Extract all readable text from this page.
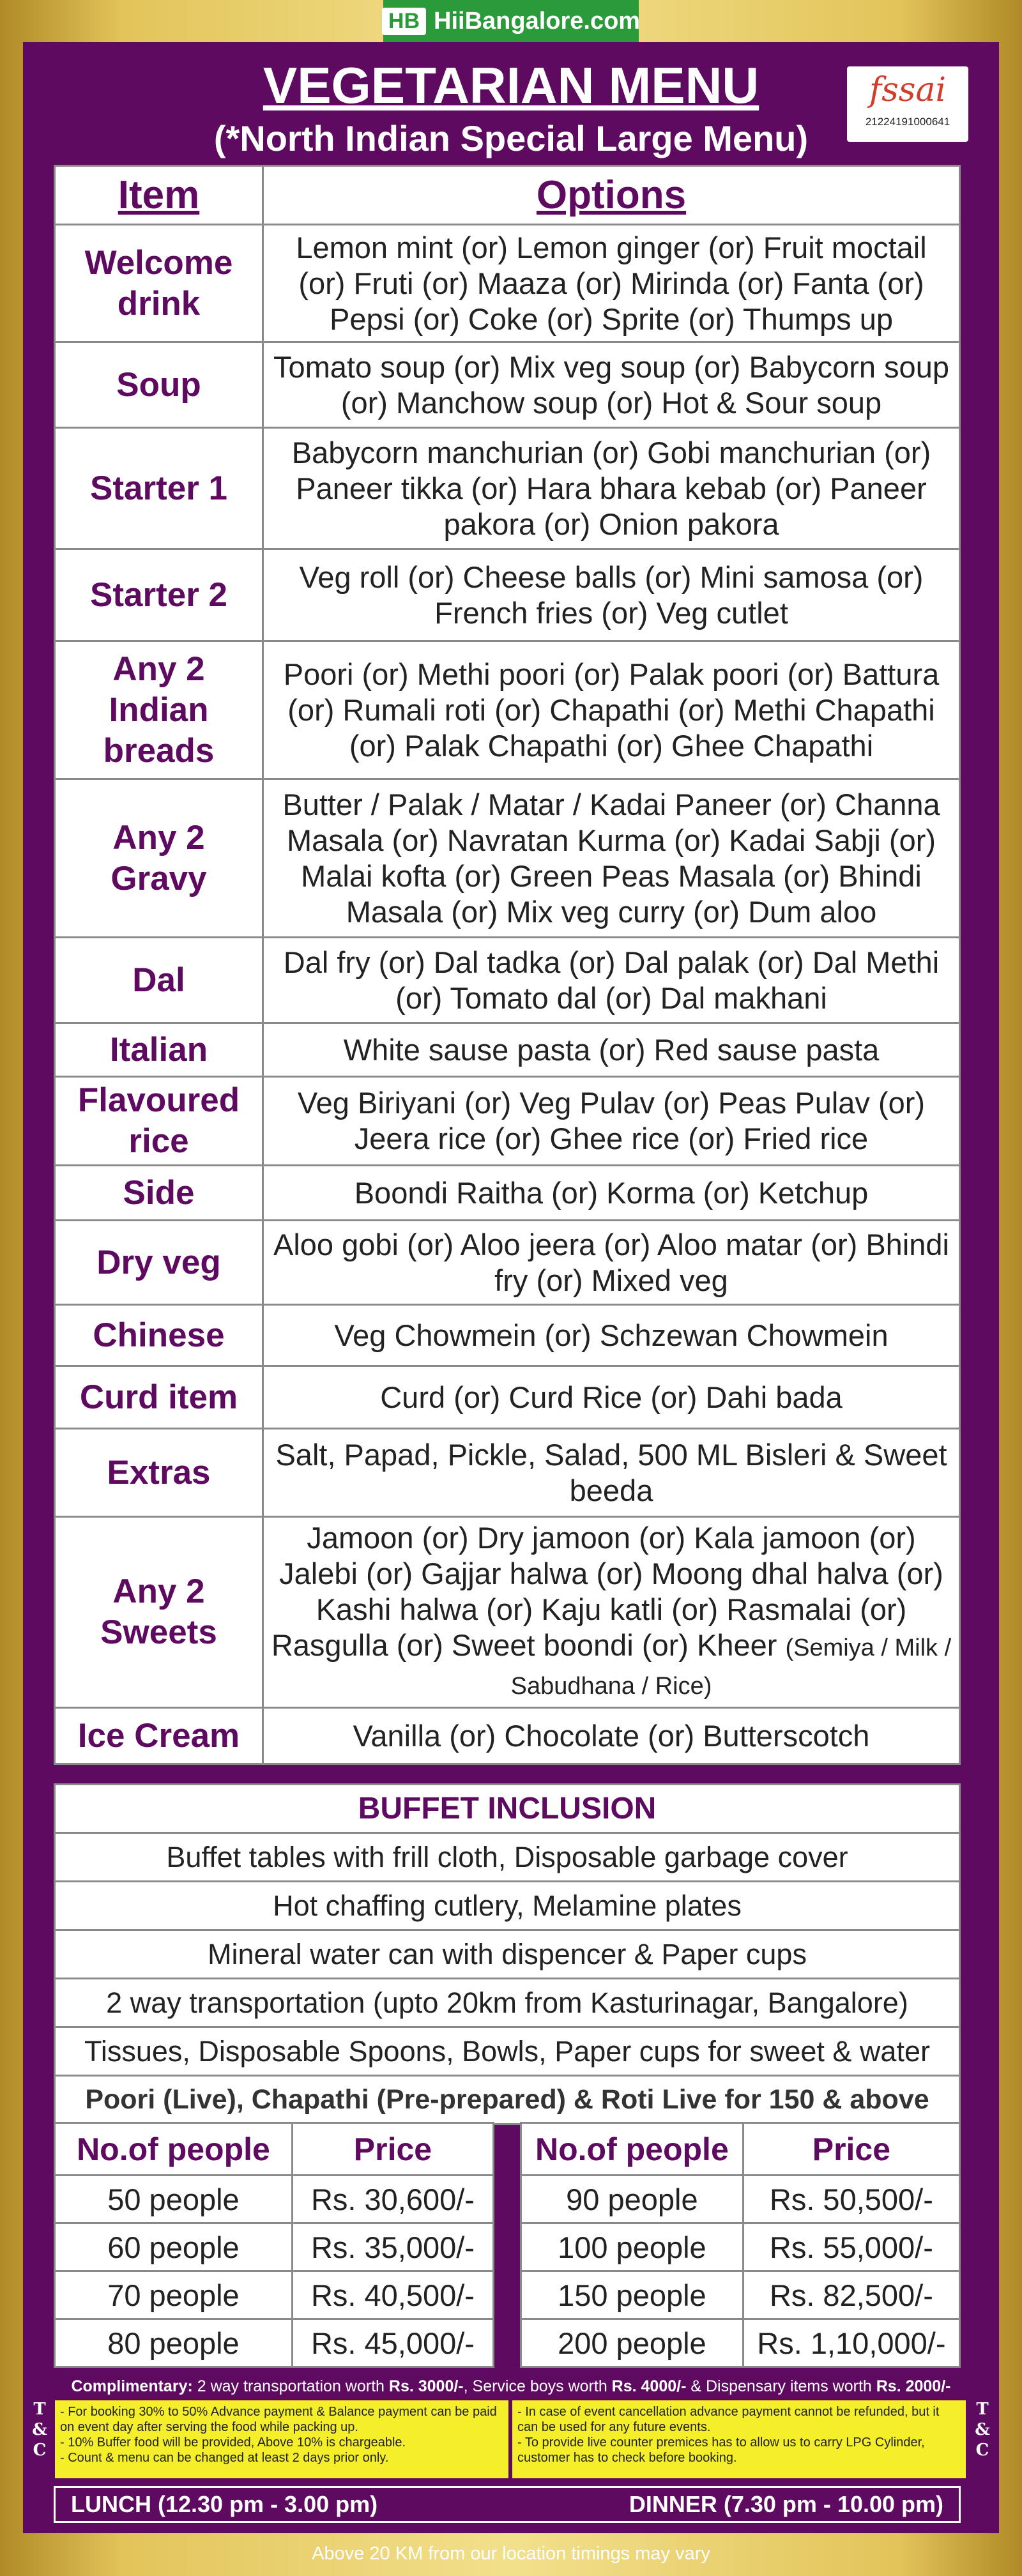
HB HiiBangalore.com
VEGETARIAN MENU
(*North Indian Special Large Menu)
fssai
21224191000641
Item	Options
Welcome drink	Lemon mint (or) Lemon ginger (or) Fruit moctail (or) Fruti (or) Maaza (or) Mirinda (or) Fanta (or) Pepsi (or) Coke (or) Sprite (or) Thumps up
Soup	Tomato soup (or) Mix veg soup (or) Babycorn soup (or) Manchow soup (or) Hot & Sour soup
Starter 1	Babycorn manchurian (or) Gobi manchurian (or) Paneer tikka (or) Hara bhara kebab (or) Paneer pakora (or) Onion pakora
Starter 2	Veg roll (or) Cheese balls (or) Mini samosa (or) French fries (or) Veg cutlet
Any 2 Indian breads	Poori (or) Methi poori (or) Palak poori (or) Battura (or) Rumali roti (or) Chapathi (or) Methi Chapathi (or) Palak Chapathi (or) Ghee Chapathi
Any 2 Gravy	Butter / Palak / Matar / Kadai Paneer (or) Channa Masala (or) Navratan Kurma (or) Kadai Sabji (or) Malai kofta (or) Green Peas Masala (or) Bhindi Masala (or) Mix veg curry (or) Dum aloo
Dal	Dal fry (or) Dal tadka (or) Dal palak (or) Dal Methi (or) Tomato dal (or) Dal makhani
Italian	White sause pasta (or) Red sause pasta
Flavoured rice	Veg Biriyani (or) Veg Pulav (or) Peas Pulav (or) Jeera rice (or) Ghee rice (or) Fried rice
Side	Boondi Raitha (or) Korma (or) Ketchup
Dry veg	Aloo gobi (or) Aloo jeera (or) Aloo matar (or) Bhindi fry (or) Mixed veg
Chinese	Veg Chowmein (or) Schzewan Chowmein
Curd item	Curd (or) Curd Rice (or) Dahi bada
Extras	Salt, Papad, Pickle, Salad, 500 ML Bisleri & Sweet beeda
Any 2 Sweets	Jamoon (or) Dry jamoon (or) Kala jamoon (or) Jalebi (or) Gajjar halwa (or) Moong dhal halva (or) Kashi halwa (or) Kaju katli (or) Rasmalai (or) Rasgulla (or) Sweet boondi (or) Kheer (Semiya / Milk / Sabudhana / Rice)
Ice Cream	Vanilla (or) Chocolate (or) Butterscotch
BUFFET INCLUSION
Buffet tables with frill cloth, Disposable garbage cover
Hot chaffing cutlery, Melamine plates
Mineral water can with dispencer & Paper cups
2 way transportation (upto 20km from Kasturinagar, Bangalore)
Tissues, Disposable Spoons, Bowls, Paper cups for sweet & water
Poori (Live), Chapathi (Pre-prepared) & Roti Live for 150 & above
No.of people	Price
50 people	Rs. 30,600/-
60 people	Rs. 35,000/-
70 people	Rs. 40,500/-
80 people	Rs. 45,000/-
No.of people	Price
90 people	Rs. 50,500/-
100 people	Rs. 55,000/-
150 people	Rs. 82,500/-
200 people	Rs. 1,10,000/-
Complimentary: 2 way transportation worth Rs. 3000/-, Service boys worth Rs. 4000/- & Dispensary items worth Rs. 2000/-
T
&
C
- For booking 30% to 50% Advance payment & Balance payment can be paid on event day after serving the food while packing up.
- 10% Buffer food will be provided, Above 10% is chargeable.
- Count & menu can be changed at least 2 days prior only.
- In case of event cancellation advance payment cannot be refunded, but it can be used for any future events.
- To provide live counter premices has to allow us to carry LPG Cylinder, customer has to check before booking.
T
&
C
LUNCH (12.30 pm - 3.00 pm)	DINNER (7.30 pm - 10.00 pm)
Above 20 KM from our location timings may vary
